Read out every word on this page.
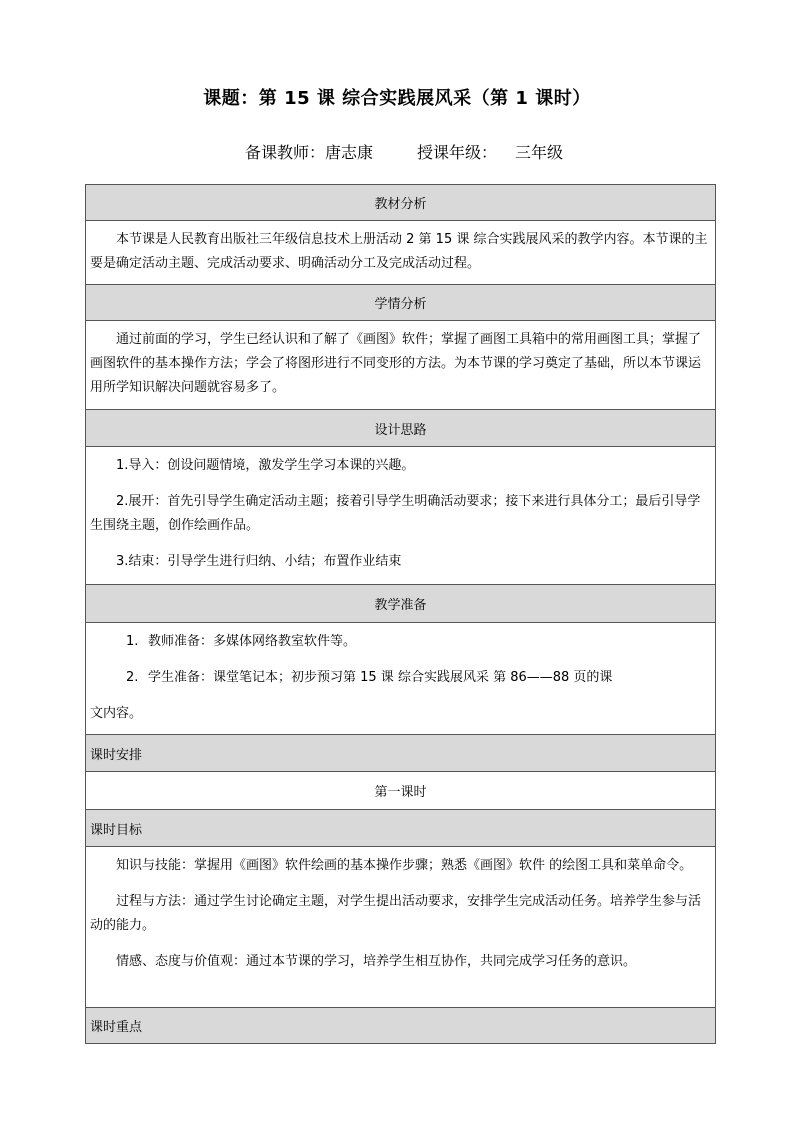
课题：第 15 课 综合实践展风采（第 1 课时）
备课教师：唐志康	授课年级： 三年级
教材分析

本节课是人民教育出版社三年级信息技术上册活动 2 第 15 课 综合实践展风采的教学内容。本节课的主要是确定活动主题、完成活动要求、明确活动分工及完成活动过程。

学情分析

通过前面的学习，学生已经认识和了解了《画图》软件；掌握了画图工具箱中的常用画图工具；掌握了画图软件的基本操作方法；学会了将图形进行不同变形的方法。为本节课的学习奠定了基础，所以本节课运用所学知识解决问题就容易多了。

设计思路

1.导入：创设问题情境，激发学生学习本课的兴趣。

2.展开：首先引导学生确定活动主题；接着引导学生明确活动要求；接下来进行具体分工；最后引导学生围绕主题，创作绘画作品。

3.结束：引导学生进行归纳、小结；布置作业结束

教学准备

1. 教师准备：多媒体网络教室软件等。

2. 学生准备：课堂笔记本；初步预习第 15 课 综合实践展风采 第 86——88 页的课

文内容。

课时安排
第一课时
课时目标

知识与技能：掌握用《画图》软件绘画的基本操作步骤；熟悉《画图》软件 的绘图工具和菜单命令。

过程与方法：通过学生讨论确定主题，对学生提出活动要求，安排学生完成活动任务。培养学生参与活动的能力。

情感、态度与价值观：通过本节课的学习，培养学生相互协作，共同完成学习任务的意识。

课时重点
